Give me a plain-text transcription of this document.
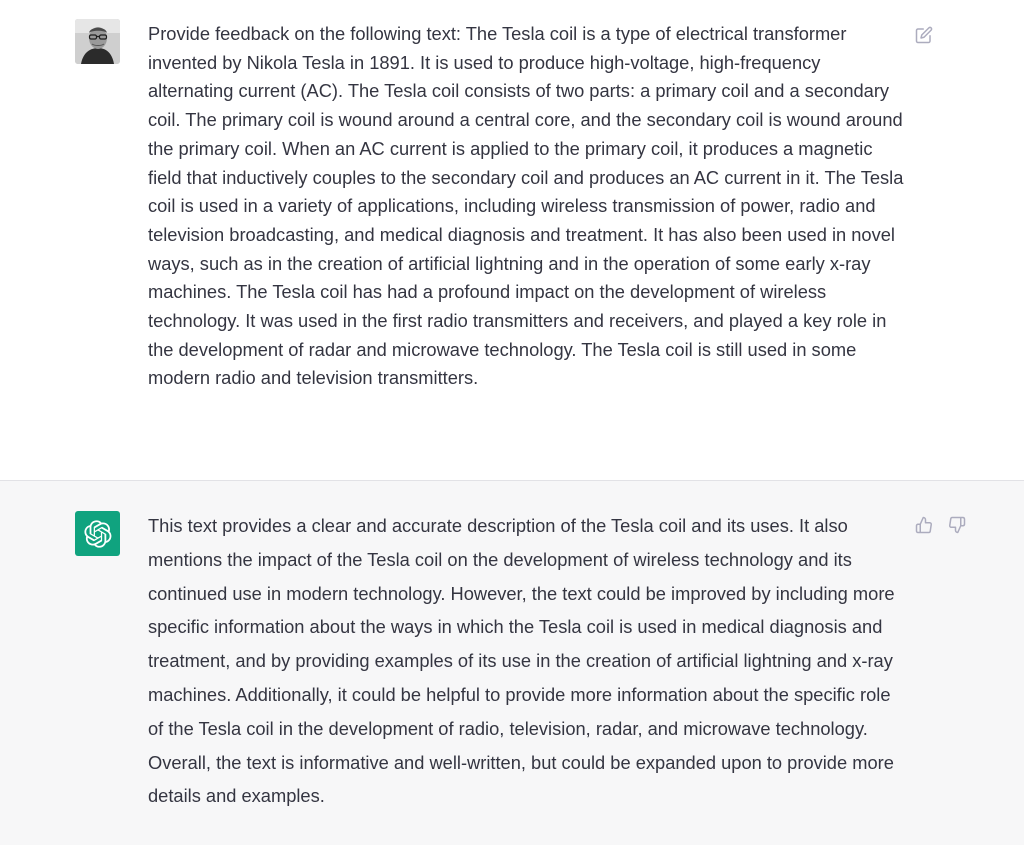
Provide feedback on the following text: The Tesla coil is a type of electrical transformer invented by Nikola Tesla in 1891. It is used to produce high-voltage, high-frequency alternating current (AC). The Tesla coil consists of two parts: a primary coil and a secondary coil. The primary coil is wound around a central core, and the secondary coil is wound around the primary coil. When an AC current is applied to the primary coil, it produces a magnetic field that inductively couples to the secondary coil and produces an AC current in it. The Tesla coil is used in a variety of applications, including wireless transmission of power, radio and television broadcasting, and medical diagnosis and treatment. It has also been used in novel ways, such as in the creation of artificial lightning and in the operation of some early x-ray machines. The Tesla coil has had a profound impact on the development of wireless technology. It was used in the first radio transmitters and receivers, and played a key role in the development of radar and microwave technology. The Tesla coil is still used in some modern radio and television transmitters.
This text provides a clear and accurate description of the Tesla coil and its uses. It also mentions the impact of the Tesla coil on the development of wireless technology and its continued use in modern technology. However, the text could be improved by including more specific information about the ways in which the Tesla coil is used in medical diagnosis and treatment, and by providing examples of its use in the creation of artificial lightning and x-ray machines. Additionally, it could be helpful to provide more information about the specific role of the Tesla coil in the development of radio, television, radar, and microwave technology. Overall, the text is informative and well-written, but could be expanded upon to provide more details and examples.
